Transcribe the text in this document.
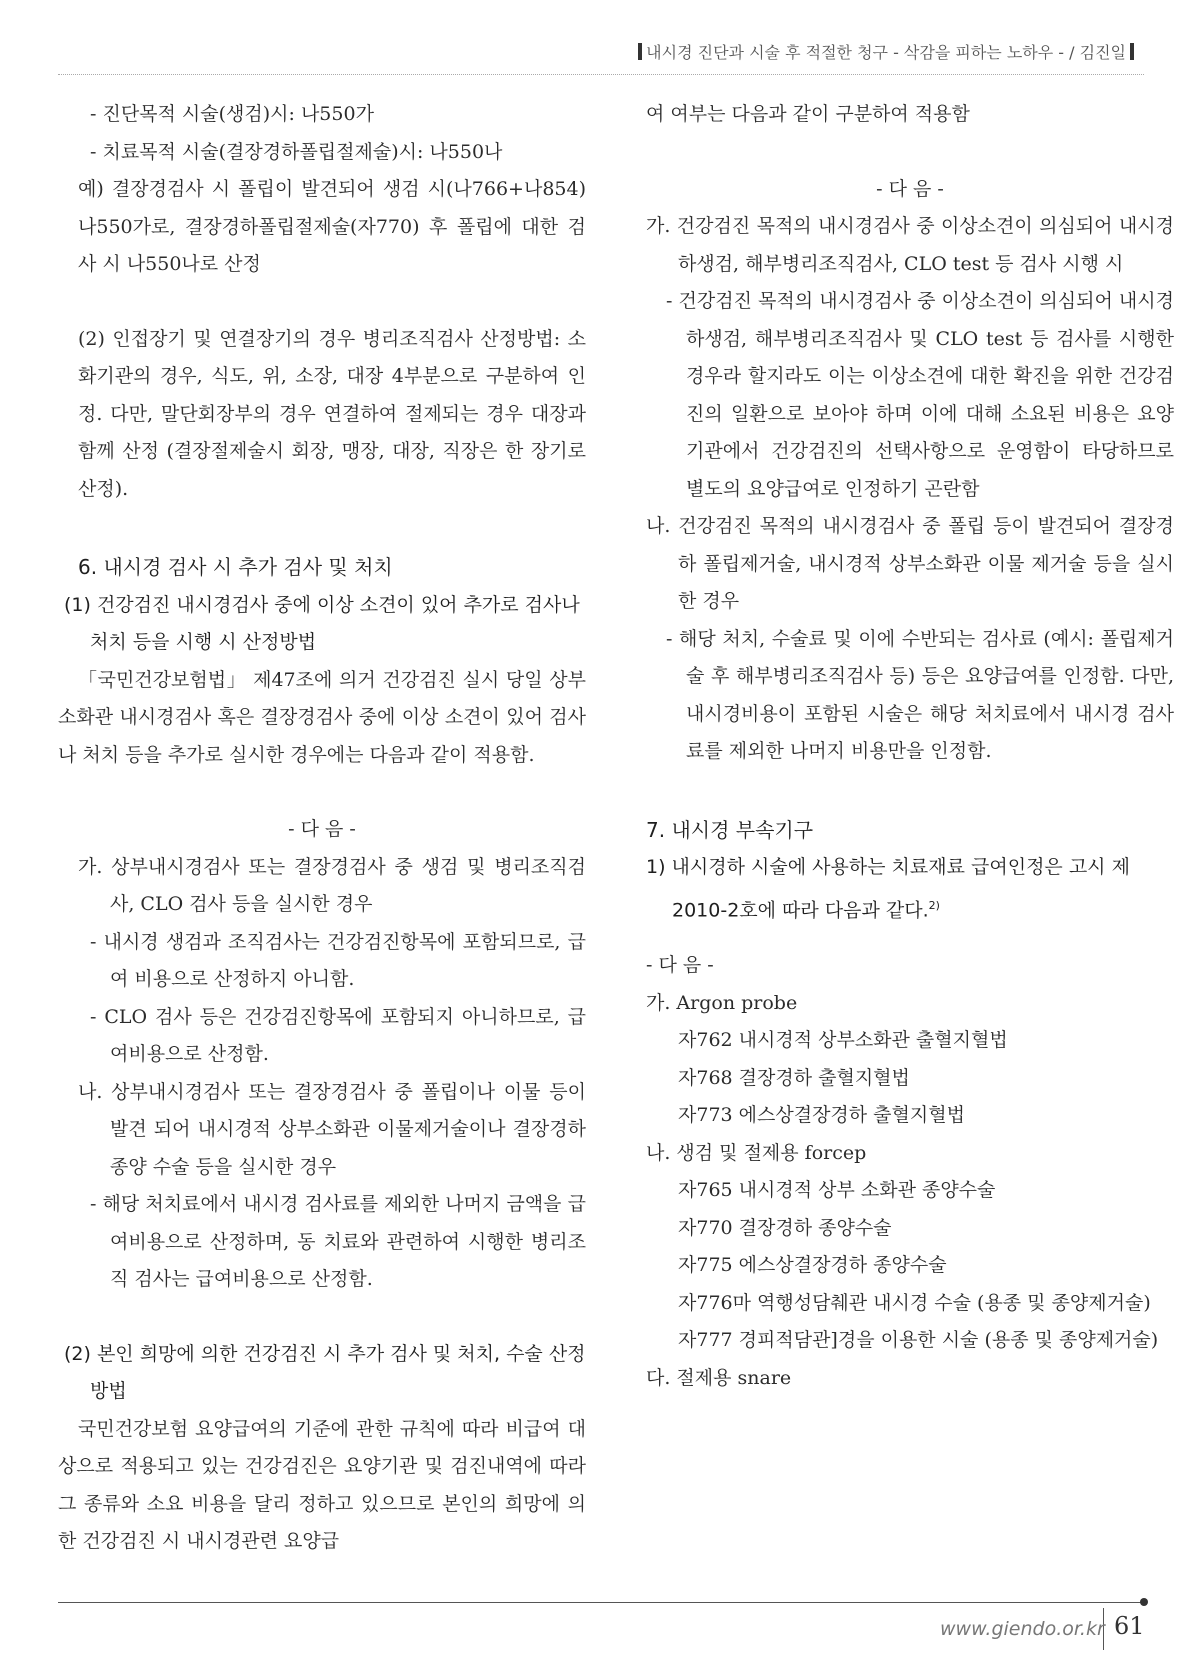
내시경 진단과 시술 후 적절한 청구 - 삭감을 피하는 노하우 - / 김진일

- 진단목적 시술(생검)시: 나550가

- 치료목적 시술(결장경하폴립절제술)시: 나550나

예) 결장경검사 시 폴립이 발견되어 생검 시(나766+나854) 나550가로, 결장경하폴립절제술(자770) 후 폴립에 대한 검사 시 나550나로 산정

(2) 인접장기 및 연결장기의 경우 병리조직검사 산정방법: 소화기관의 경우, 식도, 위, 소장, 대장 4부분으로 구분하여 인정. 다만, 말단회장부의 경우 연결하여 절제되는 경우 대장과 함께 산정 (결장절제술시 회장, 맹장, 대장, 직장은 한 장기로 산정).

6. 내시경 검사 시 추가 검사 및 처치

(1) 건강검진 내시경검사 중에 이상 소견이 있어 추가로 검사나 처치 등을 시행 시 산정방법

「국민건강보험법」 제47조에 의거 건강검진 실시 당일 상부소화관 내시경검사 혹은 결장경검사 중에 이상 소견이 있어 검사나 처치 등을 추가로 실시한 경우에는 다음과 같이 적용함.

- 다 음 -

가. 상부내시경검사 또는 결장경검사 중 생검 및 병리조직검사, CLO 검사 등을 실시한 경우

- 내시경 생검과 조직검사는 건강검진항목에 포함되므로, 급여 비용으로 산정하지 아니함.

- CLO 검사 등은 건강검진항목에 포함되지 아니하므로, 급여비용으로 산정함.

나. 상부내시경검사 또는 결장경검사 중 폴립이나 이물 등이 발견 되어 내시경적 상부소화관 이물제거술이나 결장경하 종양 수술 등을 실시한 경우

- 해당 처치료에서 내시경 검사료를 제외한 나머지 금액을 급여비용으로 산정하며, 동 치료와 관련하여 시행한 병리조직 검사는 급여비용으로 산정함.

(2) 본인 희망에 의한 건강검진 시 추가 검사 및 처치, 수술 산정방법

국민건강보험 요양급여의 기준에 관한 규칙에 따라 비급여 대상으로 적용되고 있는 건강검진은 요양기관 및 검진내역에 따라 그 종류와 소요 비용을 달리 정하고 있으므로 본인의 희망에 의한 건강검진 시 내시경관련 요양급

여 여부는 다음과 같이 구분하여 적용함

- 다 음 -

가. 건강검진 목적의 내시경검사 중 이상소견이 의심되어 내시경하생검, 해부병리조직검사, CLO test 등 검사 시행 시

- 건강검진 목적의 내시경검사 중 이상소견이 의심되어 내시경하생검, 해부병리조직검사 및 CLO test 등 검사를 시행한 경우라 할지라도 이는 이상소견에 대한 확진을 위한 건강검진의 일환으로 보아야 하며 이에 대해 소요된 비용은 요양기관에서 건강검진의 선택사항으로 운영함이 타당하므로 별도의 요양급여로 인정하기 곤란함

나. 건강검진 목적의 내시경검사 중 폴립 등이 발견되어 결장경하 폴립제거술, 내시경적 상부소화관 이물 제거술 등을 실시한 경우

- 해당 처치, 수술료 및 이에 수반되는 검사료 (예시: 폴립제거술 후 해부병리조직검사 등) 등은 요양급여를 인정함. 다만, 내시경비용이 포함된 시술은 해당 처치료에서 내시경 검사료를 제외한 나머지 비용만을 인정함.

7. 내시경 부속기구

1) 내시경하 시술에 사용하는 치료재료 급여인정은 고시 제2010-2호에 따라 다음과 같다.$^{2)}$

- 다 음 -

가. Argon probe

자762 내시경적 상부소화관 출혈지혈법

자768 결장경하 출혈지혈법

자773 에스상결장경하 출혈지혈법

나. 생검 및 절제용 forcep

자765 내시경적 상부 소화관 종양수술

자770 결장경하 종양수술

자775 에스상결장경하 종양수술

자776마 역행성담췌관 내시경 수술 (용종 및 종양제거술)

자777 경피적담관]경을 이용한 시술 (용종 및 종양제거술)

다. 절제용 snare

www.giendo.or.kr 61
